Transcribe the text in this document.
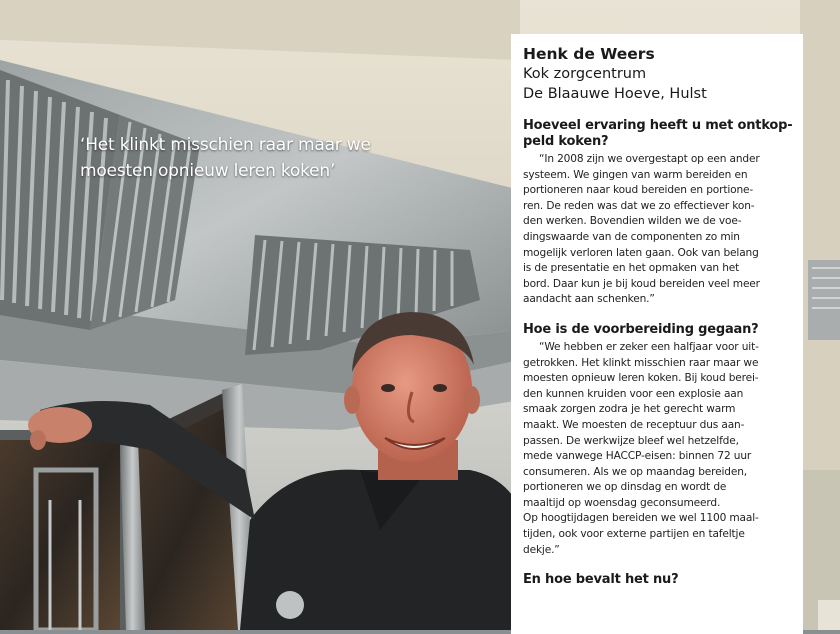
‘Het klinkt misschien raar maar we
moesten opnieuw leren koken’
Henk de Weers
Kok zorgcentrum
De Blaauwe Hoeve, Hulst
Hoeveel ervaring heeft u met ontkop-
peld koken?
“In 2008 zijn we overgestapt op een ander
systeem. We gingen van warm bereiden en
portioneren naar koud bereiden en portione-
ren. De reden was dat we zo effectiever kon-
den werken. Bovendien wilden we de voe-
dingswaarde van de componenten zo min
mogelijk verloren laten gaan. Ook van belang
is de presentatie en het opmaken van het
bord. Daar kun je bij koud bereiden veel meer
aandacht aan schenken.”
Hoe is de voorbereiding gegaan?
“We hebben er zeker een halfjaar voor uit-
getrokken. Het klinkt misschien raar maar we
moesten opnieuw leren koken. Bij koud berei-
den kunnen kruiden voor een explosie aan
smaak zorgen zodra je het gerecht warm
maakt. We moesten de receptuur dus aan-
passen. De werkwijze bleef wel hetzelfde,
mede vanwege HACCP-eisen: binnen 72 uur
consumeren. Als we op maandag bereiden,
portioneren we op dinsdag en wordt de
maaltijd op woensdag geconsumeerd.
Op hoogtijdagen bereiden we wel 1100 maal-
tijden, ook voor externe partijen en tafeltje
dekje.”
En hoe bevalt het nu?
